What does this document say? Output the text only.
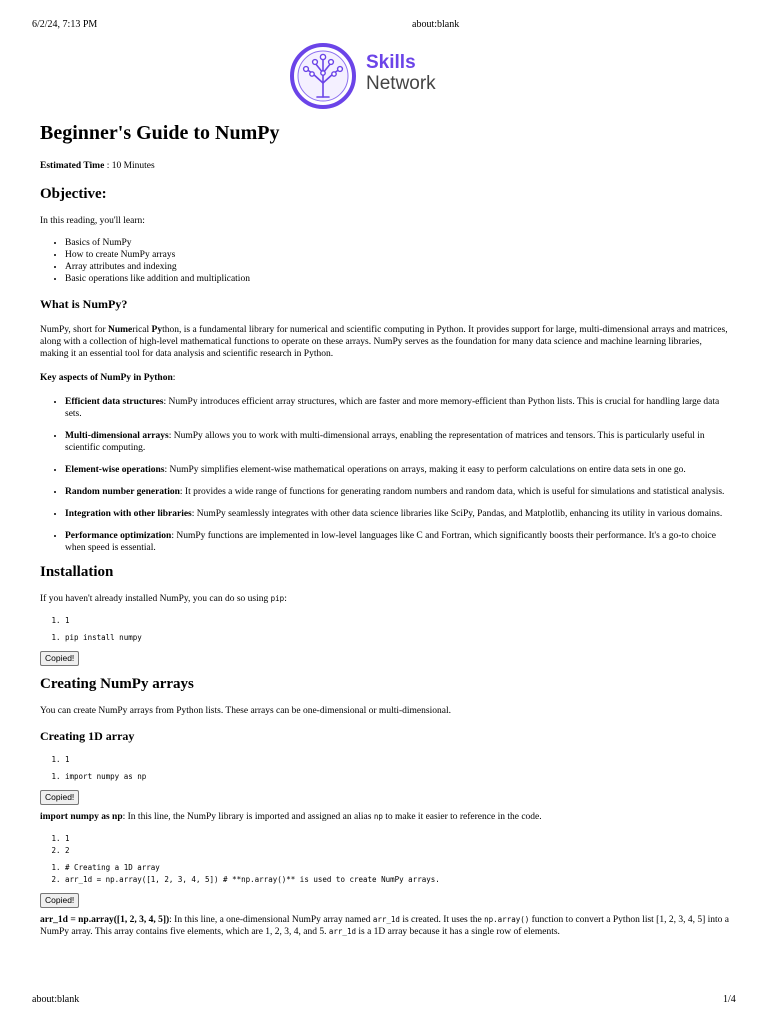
6/2/24, 7:13 PM	about:blank
about:blank	1/4
Skills
Network
Beginner's Guide to NumPy

Estimated Time : 10 Minutes

Objective:

In this reading, you'll learn:

• Basics of NumPy
• How to create NumPy arrays
• Array attributes and indexing
• Basic operations like addition and multiplication
What is NumPy?

NumPy, short for Numerical Python, is a fundamental library for numerical and scientific computing in Python. It provides support for large, multi-dimensional arrays and matrices, along with a collection of high-level mathematical functions to operate on these arrays. NumPy serves as the foundation for many data science and machine learning libraries, making it an essential tool for data analysis and scientific research in Python.

Key aspects of NumPy in Python:

• Efficient data structures: NumPy introduces efficient array structures, which are faster and more memory-efficient than Python lists. This is crucial for handling large data sets.
• Multi-dimensional arrays: NumPy allows you to work with multi-dimensional arrays, enabling the representation of matrices and tensors. This is particularly useful in scientific computing.
• Element-wise operations: NumPy simplifies element-wise mathematical operations on arrays, making it easy to perform calculations on entire data sets in one go.
• Random number generation: It provides a wide range of functions for generating random numbers and random data, which is useful for simulations and statistical analysis.
• Integration with other libraries: NumPy seamlessly integrates with other data science libraries like SciPy, Pandas, and Matplotlib, enhancing its utility in various domains.
• Performance optimization: NumPy functions are implemented in low-level languages like C and Fortran, which significantly boosts their performance. It's a go-to choice when speed is essential.
Installation

If you haven't already installed NumPy, you can do so using pip:

1. 1
1. pip install numpy
Copied!
Creating NumPy arrays

You can create NumPy arrays from Python lists. These arrays can be one-dimensional or multi-dimensional.

Creating 1D array
1. 1
1. import numpy as np
Copied!

import numpy as np: In this line, the NumPy library is imported and assigned an alias np to make it easier to reference in the code.

1. 1
2. 2
1. # Creating a 1D array
2. arr_1d = np.array([1, 2, 3, 4, 5]) # **np.array()** is used to create NumPy arrays.
Copied!

arr_1d = np.array([1, 2, 3, 4, 5]): In this line, a one-dimensional NumPy array named arr_1d is created. It uses the np.array() function to convert a Python list [1, 2, 3, 4, 5] into a NumPy array. This array contains five elements, which are 1, 2, 3, 4, and 5. arr_1d is a 1D array because it has a single row of elements.
